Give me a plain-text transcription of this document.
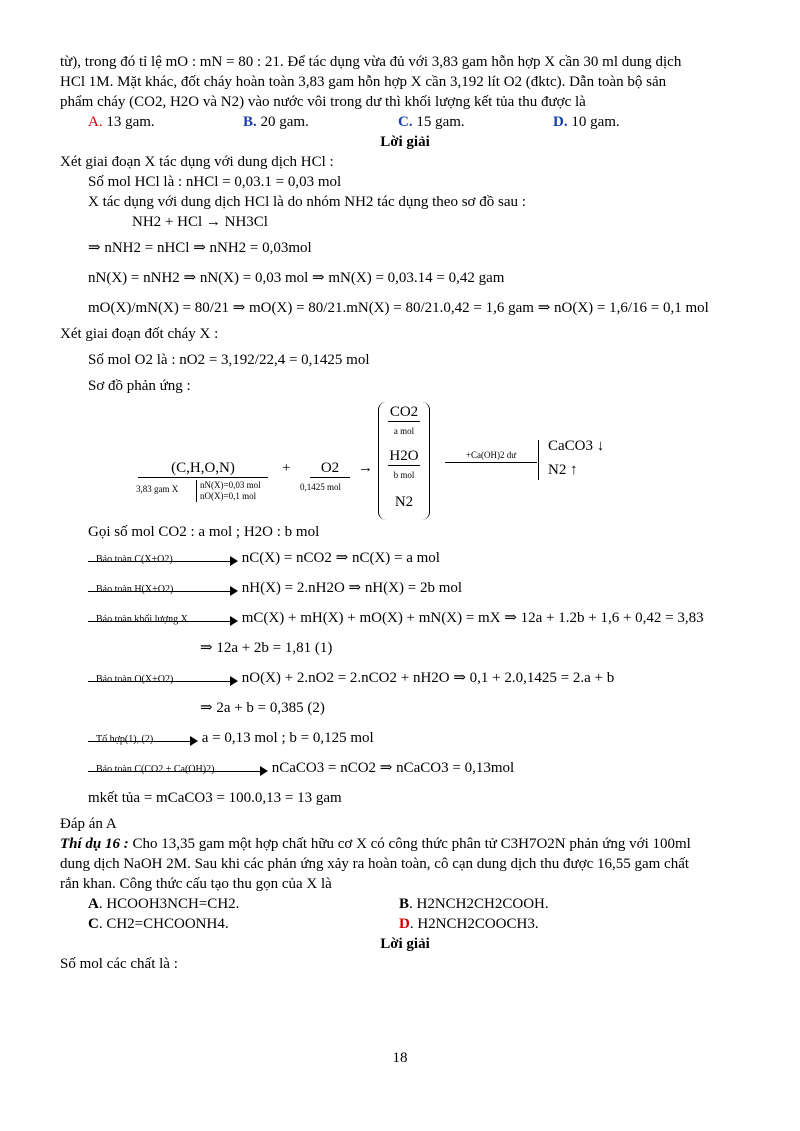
từ), trong đó tỉ lệ mO : mN = 80 : 21. Để tác dụng vừa đủ với 3,83 gam hỗn hợp X cần 30 ml dung dịch

HCl 1M. Mặt khác, đốt cháy hoàn toàn 3,83 gam hỗn hợp X cần 3,192 lít O2 (đktc). Dẫn toàn bộ sản

phẩm cháy (CO2, H2O và N2) vào nước vôi trong dư thì khối lượng kết tủa thu được là

A. 13 gam.	B. 20 gam.	C. 15 gam.	D. 10 gam.

Lời giải

Xét giai đoạn X tác dụng với dung dịch HCl :

Số mol HCl là : nHCl = 0,03.1 = 0,03 mol

X tác dụng với dung dịch HCl là do nhóm NH2 tác dụng theo sơ đồ sau :

NH2 + HCl → NH3Cl

⇒ nNH2 = nHCl ⇒ nNH2 = 0,03mol

nN(X) = nNH2 ⇒ nN(X) = 0,03 mol ⇒ mN(X) = 0,03.14 = 0,42 gam

mO(X)/mN(X) = 80/21 ⇒ mO(X) = 80/21.mN(X) = 80/21.0,42 = 1,6 gam ⇒ nO(X) = 1,6/16 = 0,1 mol

Xét giai đoạn đốt cháy X :

Số mol O2 là : nO2 = 3,192/22,4 = 0,1425 mol

Sơ đồ phản ứng :

(C,H,O,N)
3,83 gam X nN(X)=0,03 mol
nO(X)=0,1 mol
+	O2
0,1425 mol
→
CO2
a mol
H2O
b mol
N2
+Ca(OH)2 dư
CaCO3 ↓
N2 ↑

Gọi số mol CO2 : a mol ; H2O : b mol

Bảo toàn C(X+O2)	nC(X) = nCO2 ⇒ nC(X) = a mol

Bảo toàn H(X+O2)	nH(X) = 2.nH2O ⇒ nH(X) = 2b mol

Bảo toàn khối lượng X	mC(X) + mH(X) + mO(X) + mN(X) = mX ⇒ 12a + 1.2b + 1,6 + 0,42 = 3,83

⇒ 12a + 2b = 1,81 (1)

Bảo toàn O(X+O2)	nO(X) + 2.nO2 = 2.nCO2 + nH2O ⇒ 0,1 + 2.0,1425 = 2.a + b

⇒ 2a + b = 0,385 (2)

Tổ hợp(1), (2)	a = 0,13 mol ; b = 0,125 mol

Bảo toàn C(CO2 + Ca(OH)2)	nCaCO3 = nCO2 ⇒ nCaCO3 = 0,13mol

mkết tủa = mCaCO3 = 100.0,13 = 13 gam

Đáp án A

Thí dụ 16 : Cho 13,35 gam một hợp chất hữu cơ X có công thức phân tử C3H7O2N phản ứng với 100ml

dung dịch NaOH 2M. Sau khi các phản ứng xảy ra hoàn toàn, cô cạn dung dịch thu được 16,55 gam chất

rắn khan. Công thức cấu tạo thu gọn của X là

A. HCOOH3NCH=CH2.	B. H2NCH2CH2COOH.
C. CH2=CHCOONH4.	D. H2NCH2COOCH3.

Lời giải

Số mol các chất là :

18
